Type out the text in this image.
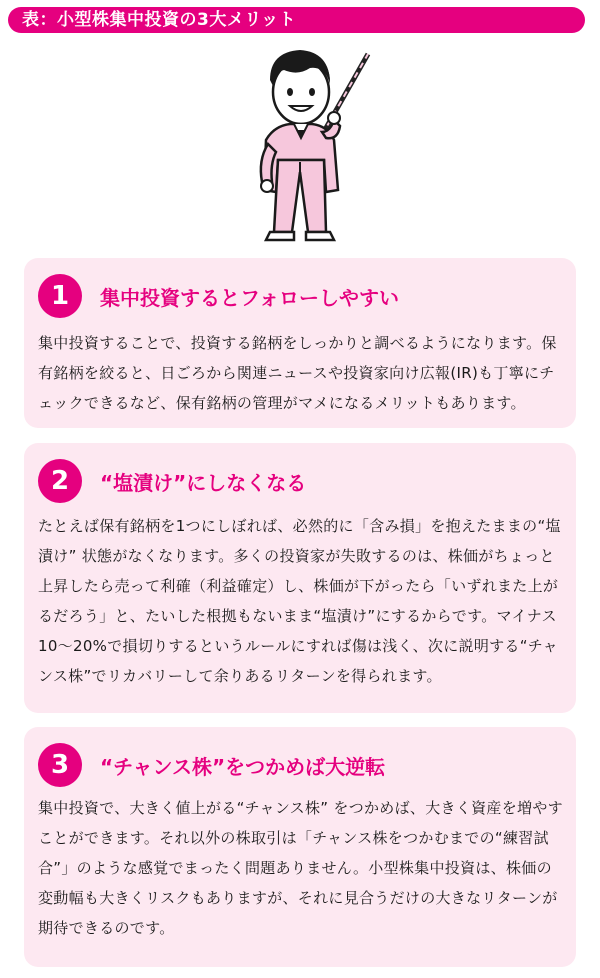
表：小型株集中投資の3大メリット
1	集中投資するとフォローしやすい
集中投資することで、投資する銘柄をしっかりと調べるようになります。保有銘柄を絞ると、日ごろから関連ニュースや投資家向け広報(IR)も丁寧にチェックできるなど、保有銘柄の管理がマメになるメリットもあります。
2	“塩漬け”にしなくなる
たとえば保有銘柄を1つにしぼれば、必然的に「含み損」を抱えたままの“塩漬け” 状態がなくなります。多くの投資家が失敗するのは、株価がちょっと上昇したら売って利確（利益確定）し、株価が下がったら「いずれまた上がるだろう」と、たいした根拠もないまま“塩漬け”にするからです。マイナス10～20%で損切りするというルールにすれば傷は浅く、次に説明する“チャンス株”でリカバリーして余りあるリターンを得られます。
3	“チャンス株”をつかめば大逆転
集中投資で、大きく値上がる“チャンス株” をつかめば、大きく資産を増やすことができます。それ以外の株取引は「チャンス株をつかむまでの“練習試合”」のような感覚でまったく問題ありません。小型株集中投資は、株価の変動幅も大きくリスクもありますが、それに見合うだけの大きなリターンが期待できるのです。
